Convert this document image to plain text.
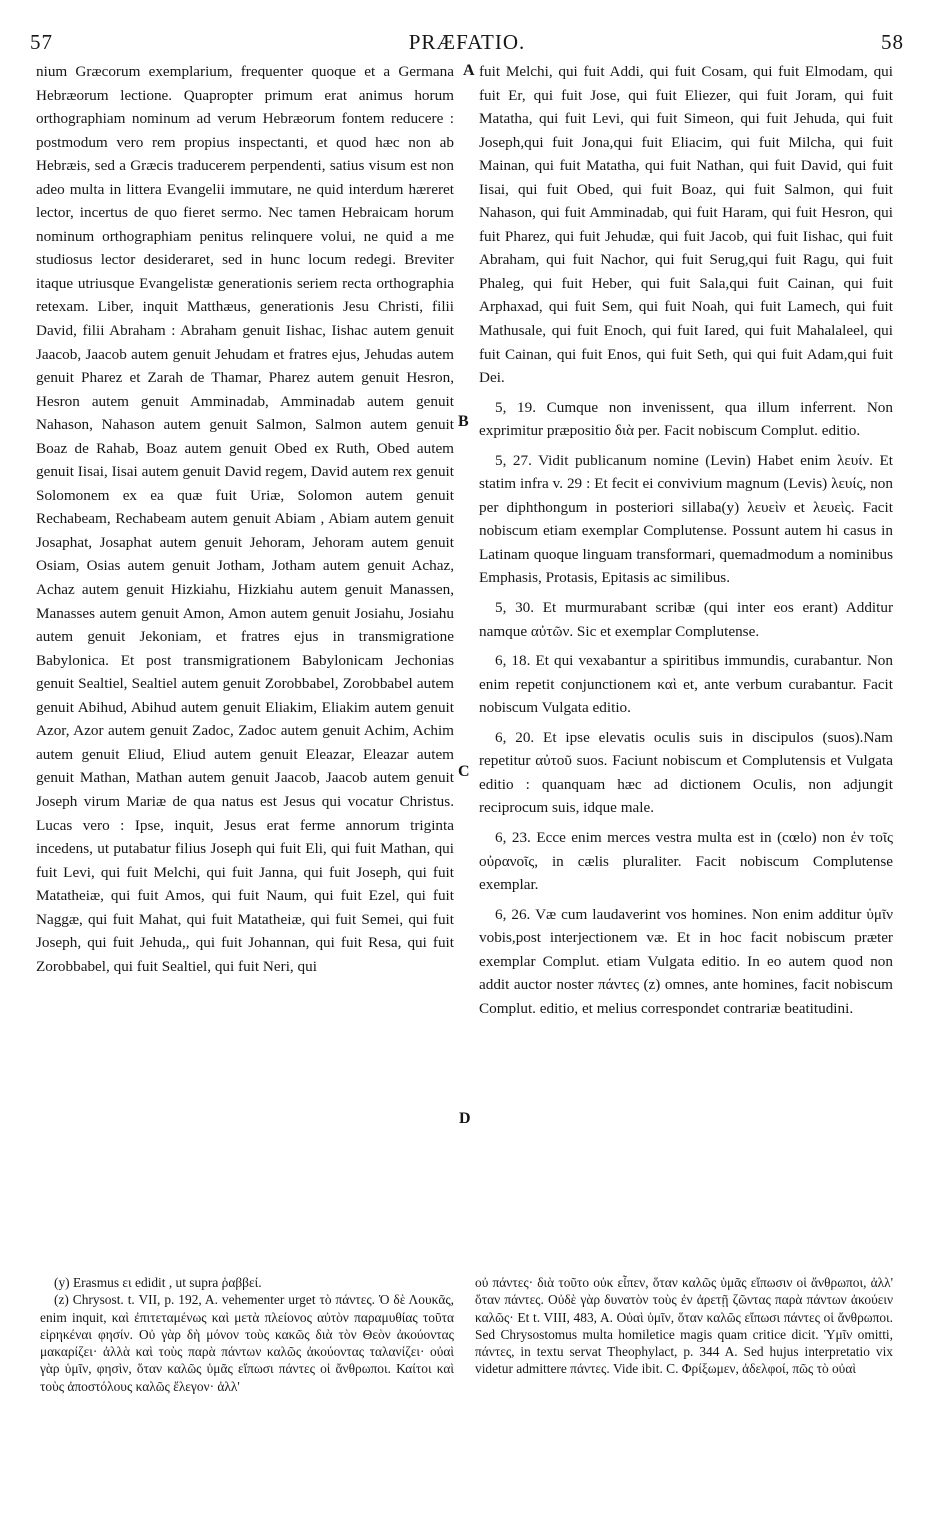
57	PRÆFATIO.	58

nium Græcorum exemplarium, frequenter quoque et a Germana Hebræorum lectione. Quapropter primum erat animus horum orthographiam nominum ad verum Hebræorum fontem reducere : postmodum vero rem propius inspectanti, et quod hæc non ab Hebræis, sed a Græcis traducerem perpendenti, satius visum est non adeo multa in littera Evangelii immutare, ne quid interdum hæreret lector, incertus de quo fieret sermo. Nec tamen Hebraicam horum nominum orthographiam penitus relinquere volui, ne quid a me studiosus lector desideraret, sed in hunc locum redegi. Breviter itaque utriusque Evangelistæ generationis seriem recta orthographia retexam. Liber, inquit Matthæus, generationis Jesu Christi, filii David, filii Abraham : Abraham genuit Iishac, Iishac autem genuit Jaacob, Jaacob autem genuit Jehudam et fratres ejus, Jehudas autem genuit Pharez et Zarah de Thamar, Pharez autem genuit Hesron, Hesron autem genuit Amminadab, Amminadab autem genuit Nahason, Nahason autem genuit Salmon, Salmon autem genuit Boaz de Rahab, Boaz autem genuit Obed ex Ruth, Obed autem genuit Iisai, Iisai autem genuit David regem, David autem rex genuit Solomonem ex ea quæ fuit Uriæ, Solomon autem genuit Rechabeam, Rechabeam autem genuit Abiam , Abiam autem genuit Josaphat, Josaphat autem genuit Jehoram, Jehoram autem genuit Osiam, Osias autem genuit Jotham, Jotham autem genuit Achaz, Achaz autem genuit Hizkiahu, Hizkiahu autem genuit Manassen, Manasses autem genuit Amon, Amon autem genuit Josiahu, Josiahu autem genuit Jekoniam, et fratres ejus in transmigratione Babylonica. Et post transmigrationem Babylonicam Jechonias genuit Sealtiel, Sealtiel autem genuit Zorobbabel, Zorobbabel autem genuit Abihud, Abihud autem genuit Eliakim, Eliakim autem genuit Azor, Azor autem genuit Zadoc, Zadoc autem genuit Achim, Achim autem genuit Eliud, Eliud autem genuit Eleazar, Eleazar autem genuit Mathan, Mathan autem genuit Jaacob, Jaacob autem genuit Joseph virum Mariæ de qua natus est Jesus qui vocatur Christus. Lucas vero : Ipse, inquit, Jesus erat ferme annorum triginta incedens, ut putabatur filius Joseph qui fuit Eli, qui fuit Mathan, qui fuit Levi, qui fuit Melchi, qui fuit Janna, qui fuit Joseph, qui fuit Matatheiæ, qui fuit Amos, qui fuit Naum, qui fuit Ezel, qui fuit Naggæ, qui fuit Mahat, qui fuit Matatheiæ, qui fuit Semei, qui fuit Joseph, qui fuit Jehuda,, qui fuit Johannan, qui fuit Resa, qui fuit Zorobbabel, qui fuit Sealtiel, qui fuit Neri, qui

A
B
C
D

fuit Melchi, qui fuit Addi, qui fuit Cosam, qui fuit Elmodam, qui fuit Er, qui fuit Jose, qui fuit Eliezer, qui fuit Joram, qui fuit Matatha, qui fuit Levi, qui fuit Simeon, qui fuit Jehuda, qui fuit Joseph,qui fuit Jona,qui fuit Eliacim, qui fuit Milcha, qui fuit Mainan, qui fuit Matatha, qui fuit Nathan, qui fuit David, qui fuit Iisai, qui fuit Obed, qui fuit Boaz, qui fuit Salmon, qui fuit Nahason, qui fuit Amminadab, qui fuit Haram, qui fuit Hesron, qui fuit Pharez, qui fuit Jehudæ, qui fuit Jacob, qui fuit Iishac, qui fuit Abraham, qui fuit Nachor, qui fuit Serug,qui fuit Ragu, qui fuit Phaleg, qui fuit Heber, qui fuit Sala,qui fuit Cainan, qui fuit Arphaxad, qui fuit Sem, qui fuit Noah, qui fuit Lamech, qui fuit Mathusale, qui fuit Enoch, qui fuit Iared, qui fuit Mahalaleel, qui fuit Cainan, qui fuit Enos, qui fuit Seth, qui qui fuit Adam,qui fuit Dei.

5, 19. Cumque non invenissent, qua illum inferrent. Non exprimitur præpositio διὰ per. Facit nobiscum Complut. editio.

5, 27. Vidit publicanum nomine (Levin) Habet enim λευίν. Et statim infra v. 29 : Et fecit ei convivium magnum (Levis) λευίς, non per diphthongum in posteriori sillaba(y) λευεὶν et λευεὶς. Facit nobiscum etiam exemplar Complutense. Possunt autem hi casus in Latinam quoque linguam transformari, quemadmodum a nominibus Emphasis, Protasis, Epitasis ac similibus.

5, 30. Et murmurabant scribæ (qui inter eos erant) Additur namque αὐτῶν. Sic et exemplar Complutense.

6, 18. Et qui vexabantur a spiritibus immundis, curabantur. Non enim repetit conjunctionem καὶ et, ante verbum curabantur. Facit nobiscum Vulgata editio.

6, 20. Et ipse elevatis oculis suis in discipulos (suos).Nam repetitur αὐτοῦ suos. Faciunt nobiscum et Complutensis et Vulgata editio : quanquam hæc ad dictionem Oculis, non adjungit reciprocum suis, idque male.

6, 23. Ecce enim merces vestra multa est in (cœlo) non ἐν τοῖς οὐρανοῖς, in cælis pluraliter. Facit nobiscum Complutense exemplar.

6, 26. Væ cum laudaverint vos homines. Non enim additur ὑμῖν vobis,post interjectionem væ. Et in hoc facit nobiscum præter exemplar Complut. etiam Vulgata editio. In eo autem quod non addit auctor noster πάντες (z) omnes, ante homines, facit nobiscum Complut. editio, et melius correspondet contrariæ beatitudini.

(y) Erasmus ει edidit , ut supra ῥαββεί.

(z) Chrysost. t. VII, p. 192, A. vehementer urget τὸ πάντες. Ὁ δὲ Λουκᾶς, enim inquit, καὶ ἐπιτεταμένως καὶ μετὰ πλείονος αὐτὸν παραμυθίας τοῦτα εἰρηκέναι φησίν. Οὐ γὰρ δὴ μόνον τοὺς κακῶς διὰ τὸν Θεὸν ἀκούοντας μακαρίζει· ἀλλὰ καὶ τοὺς παρὰ πάντων καλῶς ἀκούοντας ταλανίζει· οὐαὶ γὰρ ὑμῖν, φησὶν, ὅταν καλῶς ὑμᾶς εἴπωσι πάντες οἱ ἄνθρωποι. Καίτοι καὶ τοὺς ἀποστόλους καλῶς ἔλεγον· ἀλλ'

οὐ πάντες· διὰ τοῦτο οὐκ εἶπεν, ὅταν καλῶς ὑμᾶς εἴπωσιν οἱ ἄνθρωποι, ἀλλ' ὅταν πάντες. Οὐδὲ γὰρ δυνατὸν τοὺς ἐν ἀρετῇ ζῶντας παρὰ πάντων ἀκούειν καλῶς· Et t. VIII, 483, A. Οὐαὶ ὑμῖν, ὅταν καλῶς εἴπωσι πάντες οἱ ἄνθρωποι. Sed Chrysostomus multa homiletice magis quam critice dicit. Ὑμῖν omitti, πάντες, in textu servat Theophylact, p. 344 A. Sed hujus interpretatio vix videtur admittere πάντες. Vide ibit. C. Φρίξωμεν, ἀδελφοί, πῶς τὸ οὐαὶ
